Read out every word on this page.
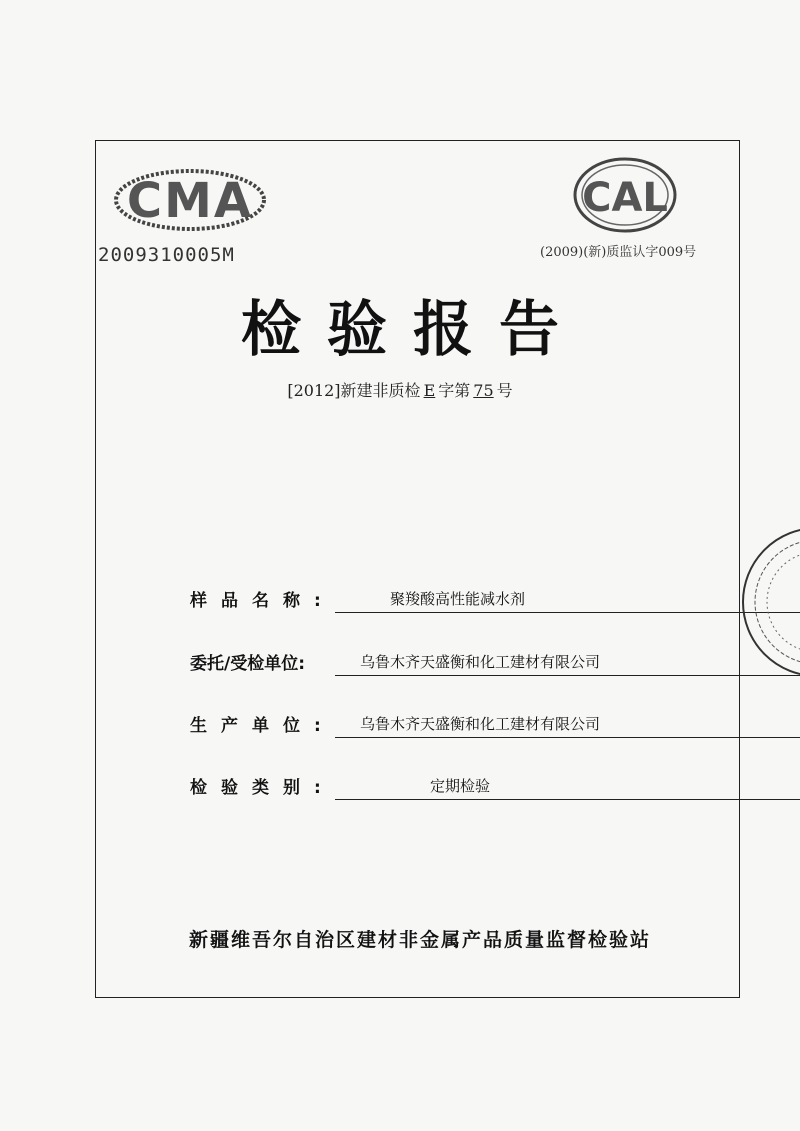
CMA
2009310005M
CAL
(2009)(新)质监认字009号
检验报告
[2012]新建非质检 E 字第 75 号
样品名称:	聚羧酸高性能减水剂
委托/受检单位:	乌鲁木齐天盛衡和化工建材有限公司
生产单位: 乌鲁木齐天盛衡和化工建材有限公司
检验类别:	定期检验
新疆维吾尔自治区建材非金属产品质量监督检验站
